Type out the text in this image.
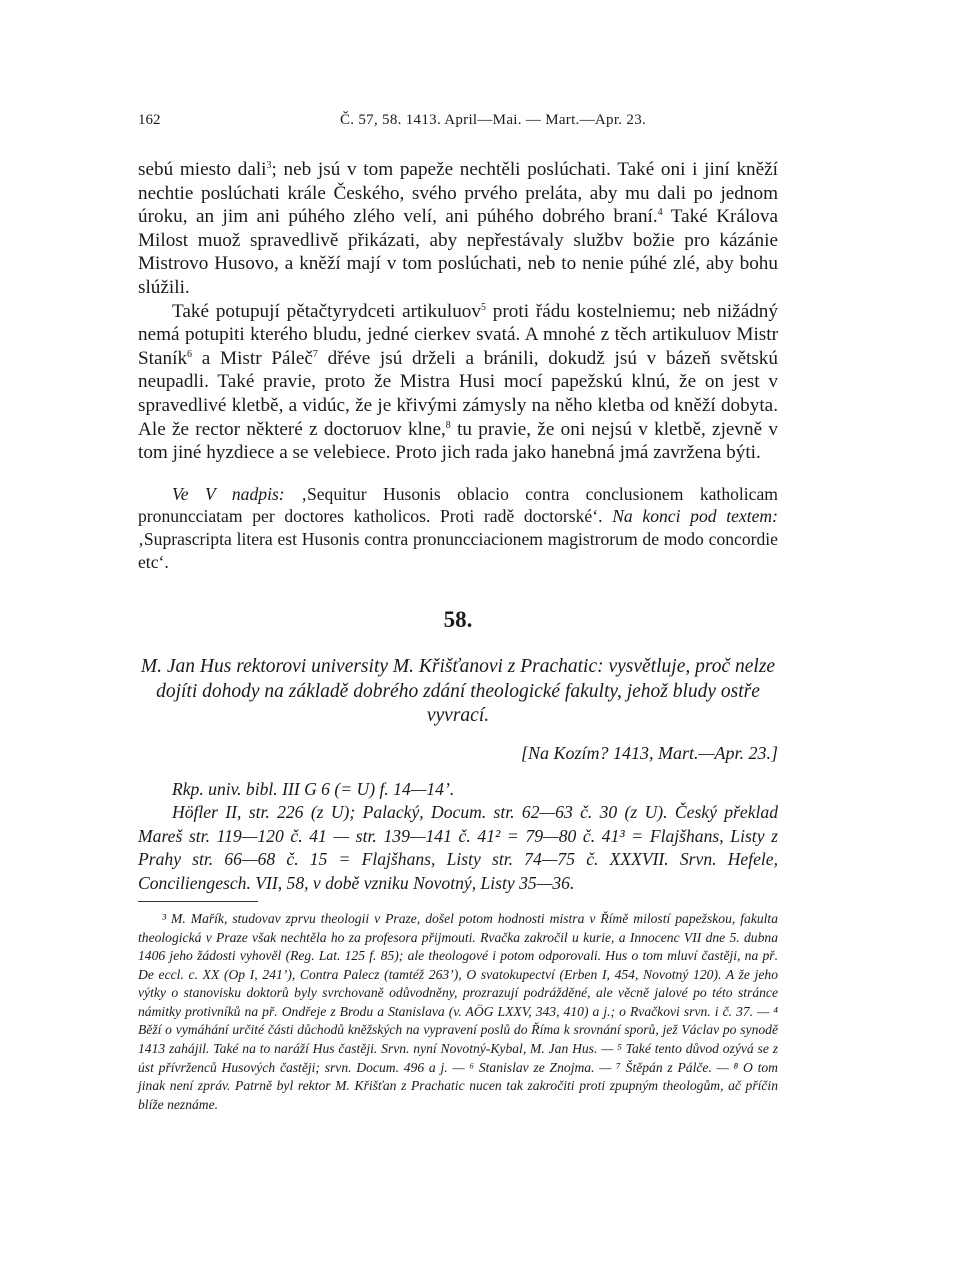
162	Č. 57, 58. 1413. April—Mai. — Mart.—Apr. 23.

sebú miesto dali$^3$; neb jsú v tom papeže nechtěli poslúchati. Také oni i jiní kněží nechtie poslúchati krále Českého, svého prvého preláta, aby mu dali po jednom úroku, an jim ani púhého zlého velí, ani púhého dobrého braní.$^4$ Také Králova Milost muož spravedlivě přikázati, aby nepřestávaly službv božie pro kázánie Mistrovo Husovo, a kněží mají v tom poslúchati, neb to nenie púhé zlé, aby bohu slúžili.

Také potupují pětačtyrydceti artikuluov$^5$ proti řádu kostelniemu; neb nižádný nemá potupiti kterého bludu, jedné cierkev svatá. A mnohé z těch artikuluov Mistr Staník$^6$ a Mistr Páleč$^7$ dřéve jsú drželi a bránili, dokudž jsú v bázeň světskú neupadli. Také pravie, proto že Mistra Husi mocí papežskú klnú, že on jest v spravedlivé kletbě, a vidúc, že je křivými zámysly na něho kletba od kněží dobyta. Ale že rector některé z doctoruov klne,$^8$ tu pravie, že oni nejsú v kletbě, zjevně v tom jiné hyzdiece a se velebiece. Proto jich rada jako hanebná jmá zavržena býti.

Ve V nadpis: ‚Sequitur Husonis oblacio contra conclusionem katholicam pronuncciatam per doctores katholicos. Proti radě doctorské‘. Na konci pod textem: ‚Suprascripta litera est Husonis contra pronuncciacionem magistrorum de modo concordie etc‘.
58.

M. Jan Hus rektorovi university M. Křišťanovi z Prachatic: vysvětluje, proč nelze dojíti dohody na základě dobrého zdání theologické fakulty, jehož bludy ostře vyvrací.

[Na Kozím? 1413, Mart.—Apr. 23.]

Rkp. univ. bibl. III G 6 (= U) f. 14—14’.

Höfler II, str. 226 (z U); Palacký, Docum. str. 62—63 č. 30 (z U). Český překlad Mareš str. 119—120 č. 41 — str. 139—141 č. 41² = 79—80 č. 41³ = Flajšhans, Listy z Prahy str. 66—68 č. 15 = Flajšhans, Listy str. 74—75 č. XXXVII. Srvn. Hefele, Conciliengesch. VII, 58, v době vzniku Novotný, Listy 35—36.

³ M. Mařík, studovav zprvu theologii v Praze, došel potom hodnosti mistra v Římě milostí papežskou, fakulta theologická v Praze však nechtěla ho za profesora přijmouti. Rvačka zakročil u kurie, a Innocenc VII dne 5. dubna 1406 jeho žádosti vyhověl (Reg. Lat. 125 f. 85); ale theologové i potom odporovali. Hus o tom mluví častěji, na př. De eccl. c. XX (Op I, 241’), Contra Palecz (tamtéž 263’), O svatokupectví (Erben I, 454, Novotný 120). A že jeho výtky o stanovisku doktorů byly svrchovaně odůvodněny, prozrazují podrážděné, ale věcně jalové po této stránce námitky protivníků na př. Ondřeje z Brodu a Stanislava (v. AÖG LXXV, 343, 410) a j.; o Rvačkovi srvn. i č. 37. — ⁴ Běží o vymáhání určité části důchodů kněžských na vypravení poslů do Říma k srovnání sporů, jež Václav po synodě 1413 zahájil. Také na to naráží Hus častěji. Srvn. nyní Novotný-Kybal, M. Jan Hus. — ⁵ Také tento důvod ozývá se z úst přívrženců Husových častěji; srvn. Docum. 496 a j. — ⁶ Stanislav ze Znojma. — ⁷ Štěpán z Pálče. — ⁸ O tom jinak není zpráv. Patrně byl rektor M. Křišťan z Prachatic nucen tak zakročiti proti zpupným theologům, ač příčin blíže neznáme.
